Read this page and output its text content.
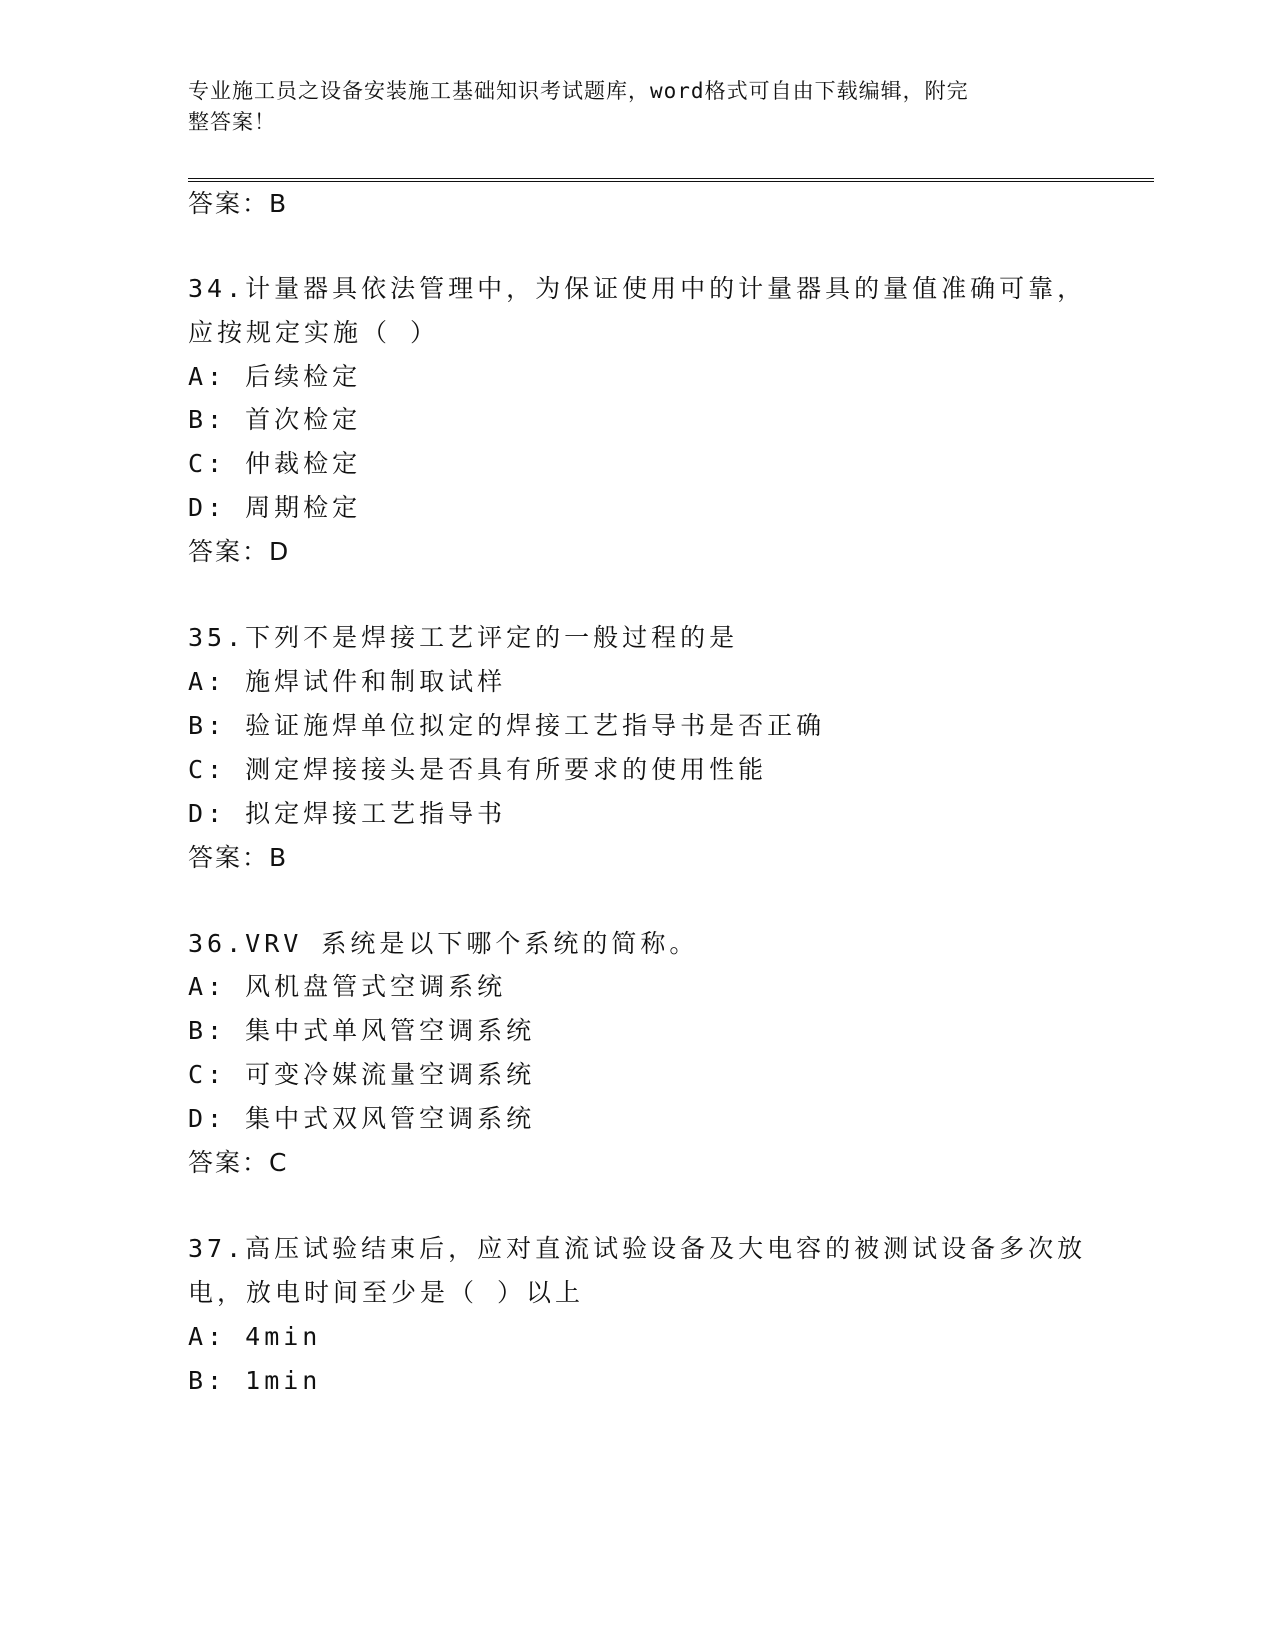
专业施工员之设备安装施工基础知识考试题库，word格式可自由下载编辑，附完
整答案！
答案：B
34.计量器具依法管理中，为保证使用中的计量器具的量值准确可靠，
应按规定实施（ ）
A: 后续检定
B: 首次检定
C: 仲裁检定
D: 周期检定
答案：D
35.下列不是焊接工艺评定的一般过程的是
A: 施焊试件和制取试样
B: 验证施焊单位拟定的焊接工艺指导书是否正确
C: 测定焊接接头是否具有所要求的使用性能
D: 拟定焊接工艺指导书
答案：B
36.VRV 系统是以下哪个系统的简称。
A: 风机盘管式空调系统
B: 集中式单风管空调系统
C: 可变冷媒流量空调系统
D: 集中式双风管空调系统
答案：C
37.高压试验结束后，应对直流试验设备及大电容的被测试设备多次放
电，放电时间至少是（ ）以上
A: 4min
B: 1min
